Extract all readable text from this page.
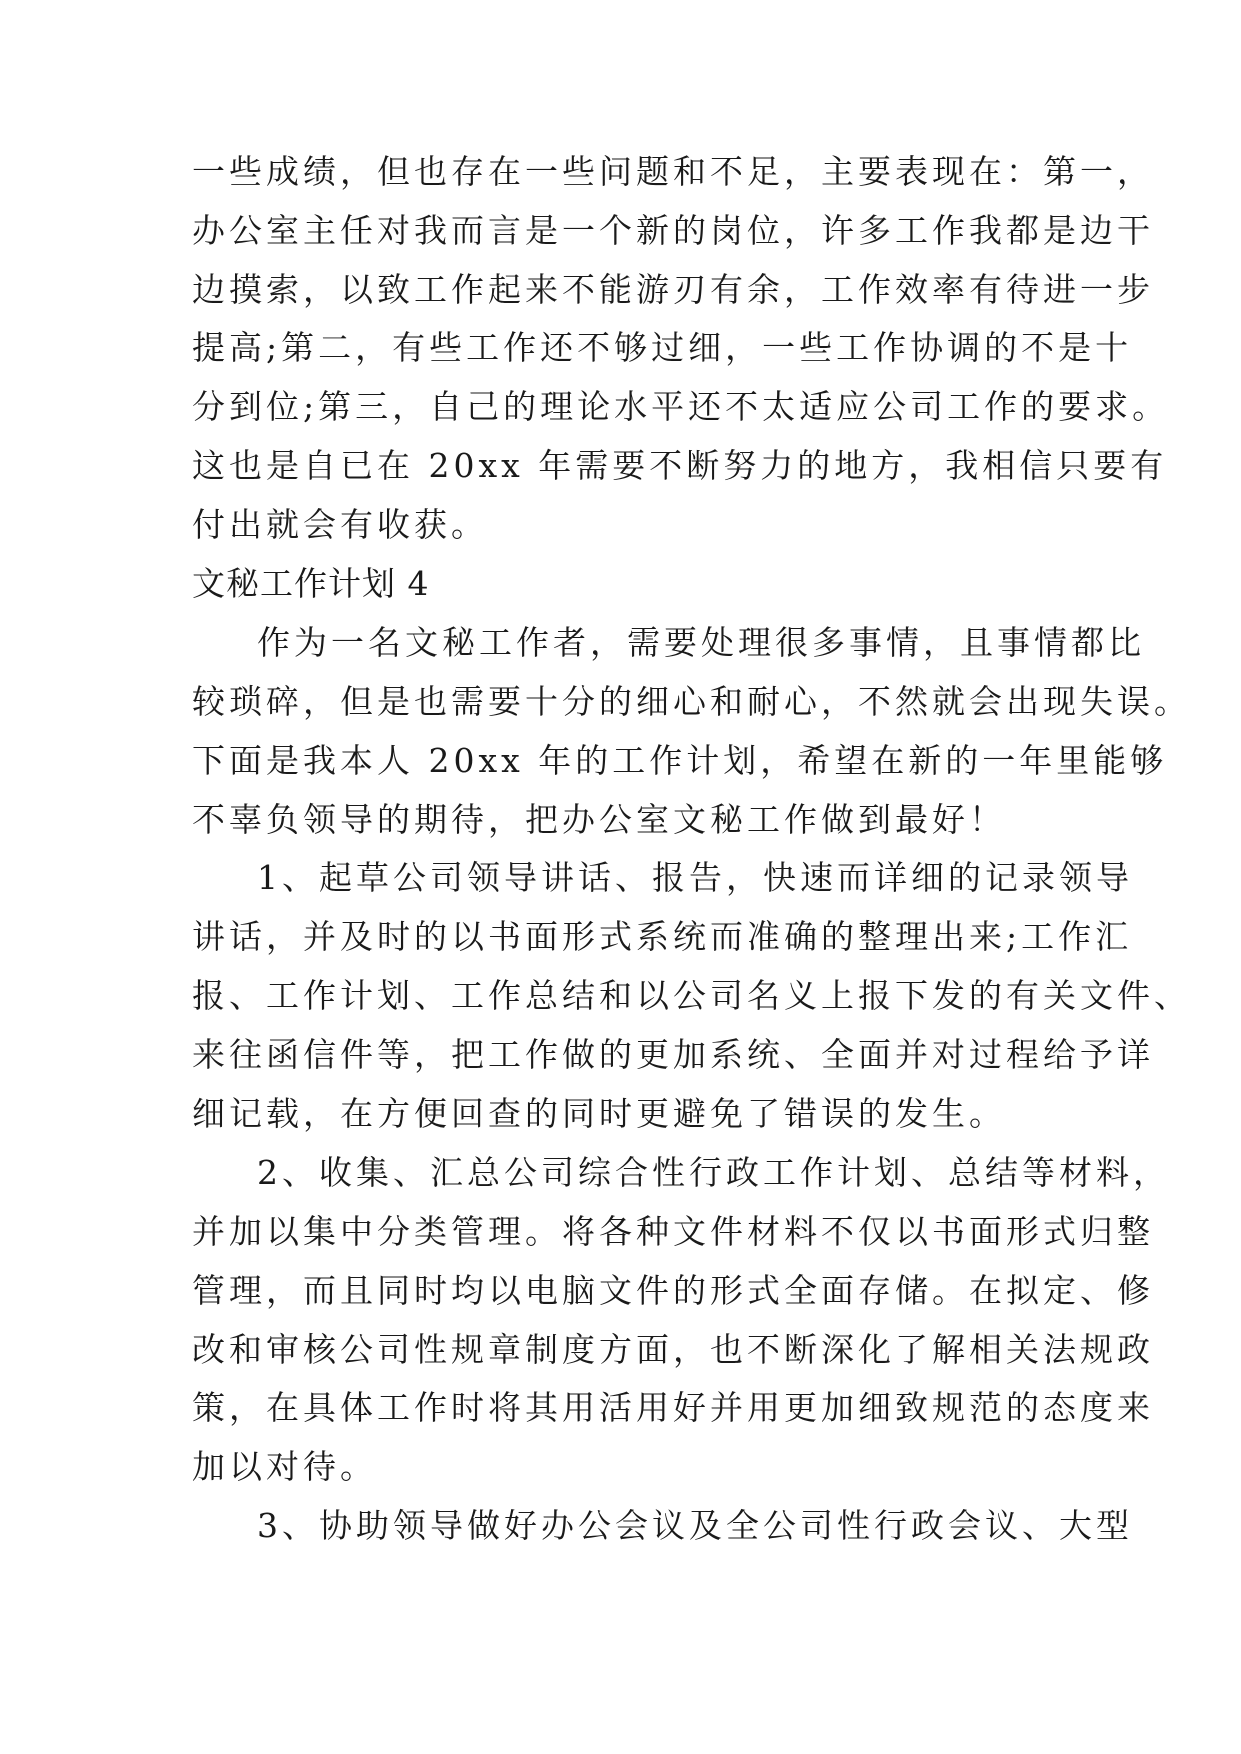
一些成绩，但也存在一些问题和不足，主要表现在：第一，
办公室主任对我而言是一个新的岗位，许多工作我都是边干
边摸索，以致工作起来不能游刃有余，工作效率有待进一步
提高;第二，有些工作还不够过细，一些工作协调的不是十
分到位;第三，自己的理论水平还不太适应公司工作的要求。
这也是自已在 20xx 年需要不断努力的地方，我相信只要有
付出就会有收获。
文秘工作计划 4
作为一名文秘工作者，需要处理很多事情，且事情都比
较琐碎，但是也需要十分的细心和耐心，不然就会出现失误。
下面是我本人 20xx 年的工作计划，希望在新的一年里能够
不辜负领导的期待，把办公室文秘工作做到最好！
1、起草公司领导讲话、报告，快速而详细的记录领导
讲话，并及时的以书面形式系统而准确的整理出来;工作汇
报、工作计划、工作总结和以公司名义上报下发的有关文件、
来往函信件等，把工作做的更加系统、全面并对过程给予详
细记载，在方便回查的同时更避免了错误的发生。
2、收集、汇总公司综合性行政工作计划、总结等材料，
并加以集中分类管理。将各种文件材料不仅以书面形式归整
管理，而且同时均以电脑文件的形式全面存储。在拟定、修
改和审核公司性规章制度方面，也不断深化了解相关法规政
策，在具体工作时将其用活用好并用更加细致规范的态度来
加以对待。
3、协助领导做好办公会议及全公司性行政会议、大型
